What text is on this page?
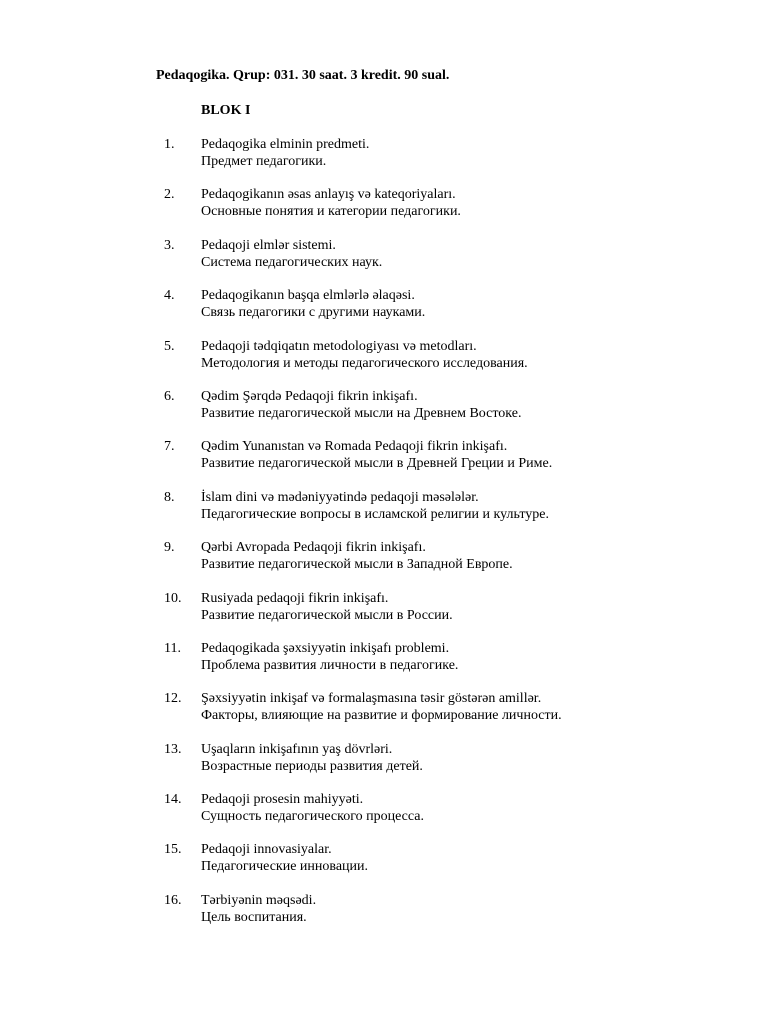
Pedaqogika. Qrup: 031. 30 saat. 3 kredit. 90 sual.
BLOK I
1. Pedaqogika elminin predmeti.
Предмет педагогики.
2. Pedaqogikanın əsas anlayış və kateqoriyaları.
Основные понятия и категории педагогики.
3. Pedaqoji elmlər sistemi.
Система педагогических наук.
4. Pedaqogikanın başqa elmlərlə əlaqəsi.
Связь педагогики с другими науками.
5. Pedaqoji tədqiqatın metodologiyası və metodları.
Методология и методы педагогического исследования.
6. Qədim Şərqdə Pedaqoji fikrin inkişafı.
Развитие педагогической мысли на Древнем Востоке.
7. Qədim Yunanıstan və Romada Pedaqoji fikrin inkişafı.
Развитие педагогической мысли в Древней Греции и Риме.
8. İslam dini və mədəniyyətində pedaqoji məsələlər.
Педагогические вопросы в исламской религии и культуре.
9. Qərbi Avropada Pedaqoji fikrin inkişafı.
Развитие педагогической мысли в Западной Европе.
10. Rusiyada pedaqoji fikrin inkişafı.
Развитие педагогической мысли в России.
11. Pedaqogikada şəxsiyyətin inkişafı problemi.
Проблема развития личности в педагогике.
12. Şəxsiyyətin inkişaf və formalaşmasına təsir göstərən amillər.
Факторы, влияющие на развитие и формирование личности.
13. Uşaqların inkişafının yaş dövrləri.
Возрастные периоды развития детей.
14. Pedaqoji prosesin mahiyyəti.
Сущность педагогического процесса.
15. Pedaqoji innovasiyalar.
Педагогические инновации.
16. Tərbiyənin məqsədi.
Цель воспитания.
